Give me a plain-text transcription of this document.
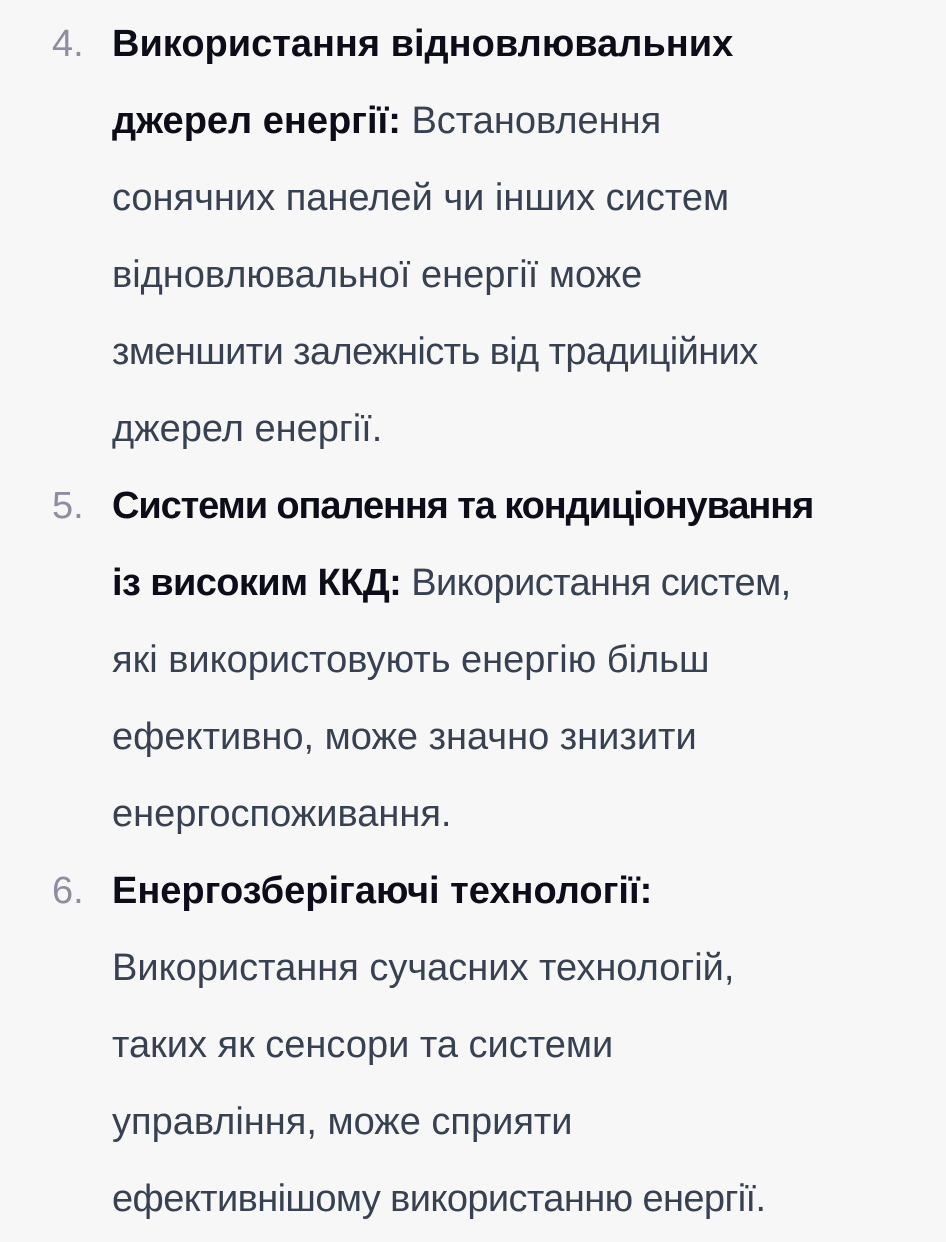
4. Використання відновлювальних
джерел енергії: Встановлення
сонячних панелей чи інших систем
відновлювальної енергії може
зменшити залежність від традиційних
джерел енергії.
5. Системи опалення та кондиціонування
із високим ККД: Використання систем,
які використовують енергію більш
ефективно, може значно знизити
енергоспоживання.
6. Енергозберігаючі технології:
Використання сучасних технологій,
таких як сенсори та системи
управління, може сприяти
ефективнішому використанню енергії.
